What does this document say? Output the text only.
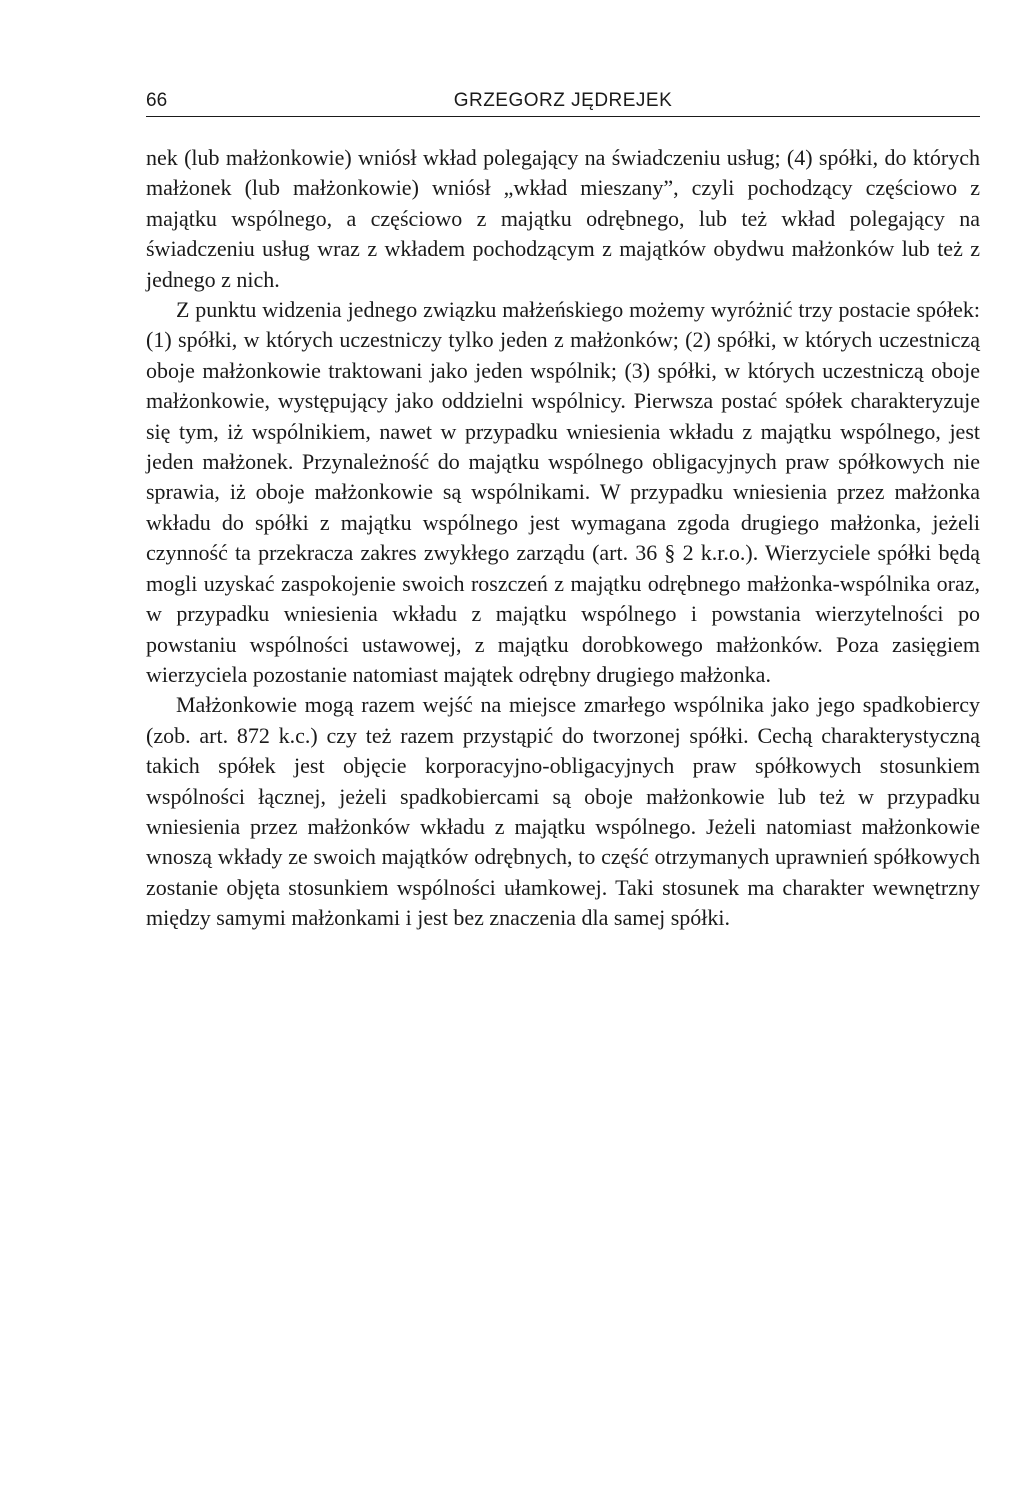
66	GRZEGORZ JĘDREJEK

nek (lub małżonkowie) wniósł wkład polegający na świadczeniu usług; (4) spółki, do których małżonek (lub małżonkowie) wniósł „wkład mieszany”, czyli pochodzący częściowo z majątku wspólnego, a częściowo z majątku odrębnego, lub też wkład polegający na świadczeniu usług wraz z wkładem pochodzącym z majątków obydwu małżonków lub też z jednego z nich.

Z punktu widzenia jednego związku małżeńskiego możemy wyróżnić trzy postacie spółek: (1) spółki, w których uczestniczy tylko jeden z małżonków; (2) spółki, w których uczestniczą oboje małżonkowie traktowani jako jeden wspólnik; (3) spółki, w których uczestniczą oboje małżonkowie, występujący jako oddzielni wspólnicy. Pierwsza postać spółek charakteryzuje się tym, iż wspólnikiem, nawet w przypadku wniesienia wkładu z majątku wspólnego, jest jeden małżonek. Przynależność do majątku wspólnego obligacyjnych praw spółkowych nie sprawia, iż oboje małżonkowie są wspólnikami. W przypadku wniesienia przez małżonka wkładu do spółki z majątku wspólnego jest wymagana zgoda drugiego małżonka, jeżeli czynność ta przekracza zakres zwykłego zarządu (art. 36 § 2 k.r.o.). Wierzyciele spółki będą mogli uzyskać zaspokojenie swoich roszczeń z majątku odrębnego małżonka-wspólnika oraz, w przypadku wniesienia wkładu z majątku wspólnego i powstania wierzytelności po powstaniu wspólności ustawowej, z majątku dorobkowego małżonków. Poza zasięgiem wierzyciela pozostanie natomiast majątek odrębny drugiego małżonka.

Małżonkowie mogą razem wejść na miejsce zmarłego wspólnika jako jego spadkobiercy (zob. art. 872 k.c.) czy też razem przystąpić do tworzonej spółki. Cechą charakterystyczną takich spółek jest objęcie korporacyjno-obligacyjnych praw spółkowych stosunkiem wspólności łącznej, jeżeli spadkobiercami są oboje małżonkowie lub też w przypadku wniesienia przez małżonków wkładu z majątku wspólnego. Jeżeli natomiast małżonkowie wnoszą wkłady ze swoich majątków odrębnych, to część otrzymanych uprawnień spółkowych zostanie objęta stosunkiem wspólności ułamkowej. Taki stosunek ma charakter wewnętrzny między samymi małżonkami i jest bez znaczenia dla samej spółki.
